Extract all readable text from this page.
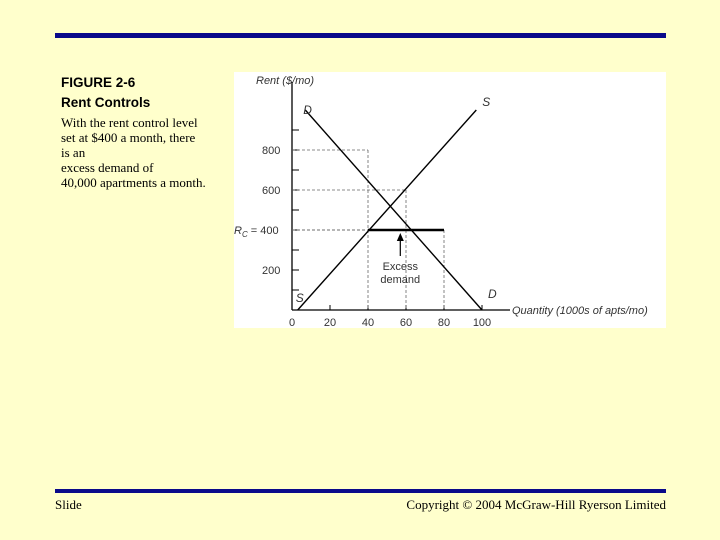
FIGURE 2-6
Rent Controls
With the rent control level
set at $400 a month, there
is an
excess demand of
40,000 apartments a month.
Rent ($/mo)
Quantity (1000s of apts/mo)
200
$R_C = 400$
600
800
0	20 40 60 80 100
Excess
demand
D
D
S
S
Slide	Copyright © 2004 McGraw-Hill Ryerson Limited
